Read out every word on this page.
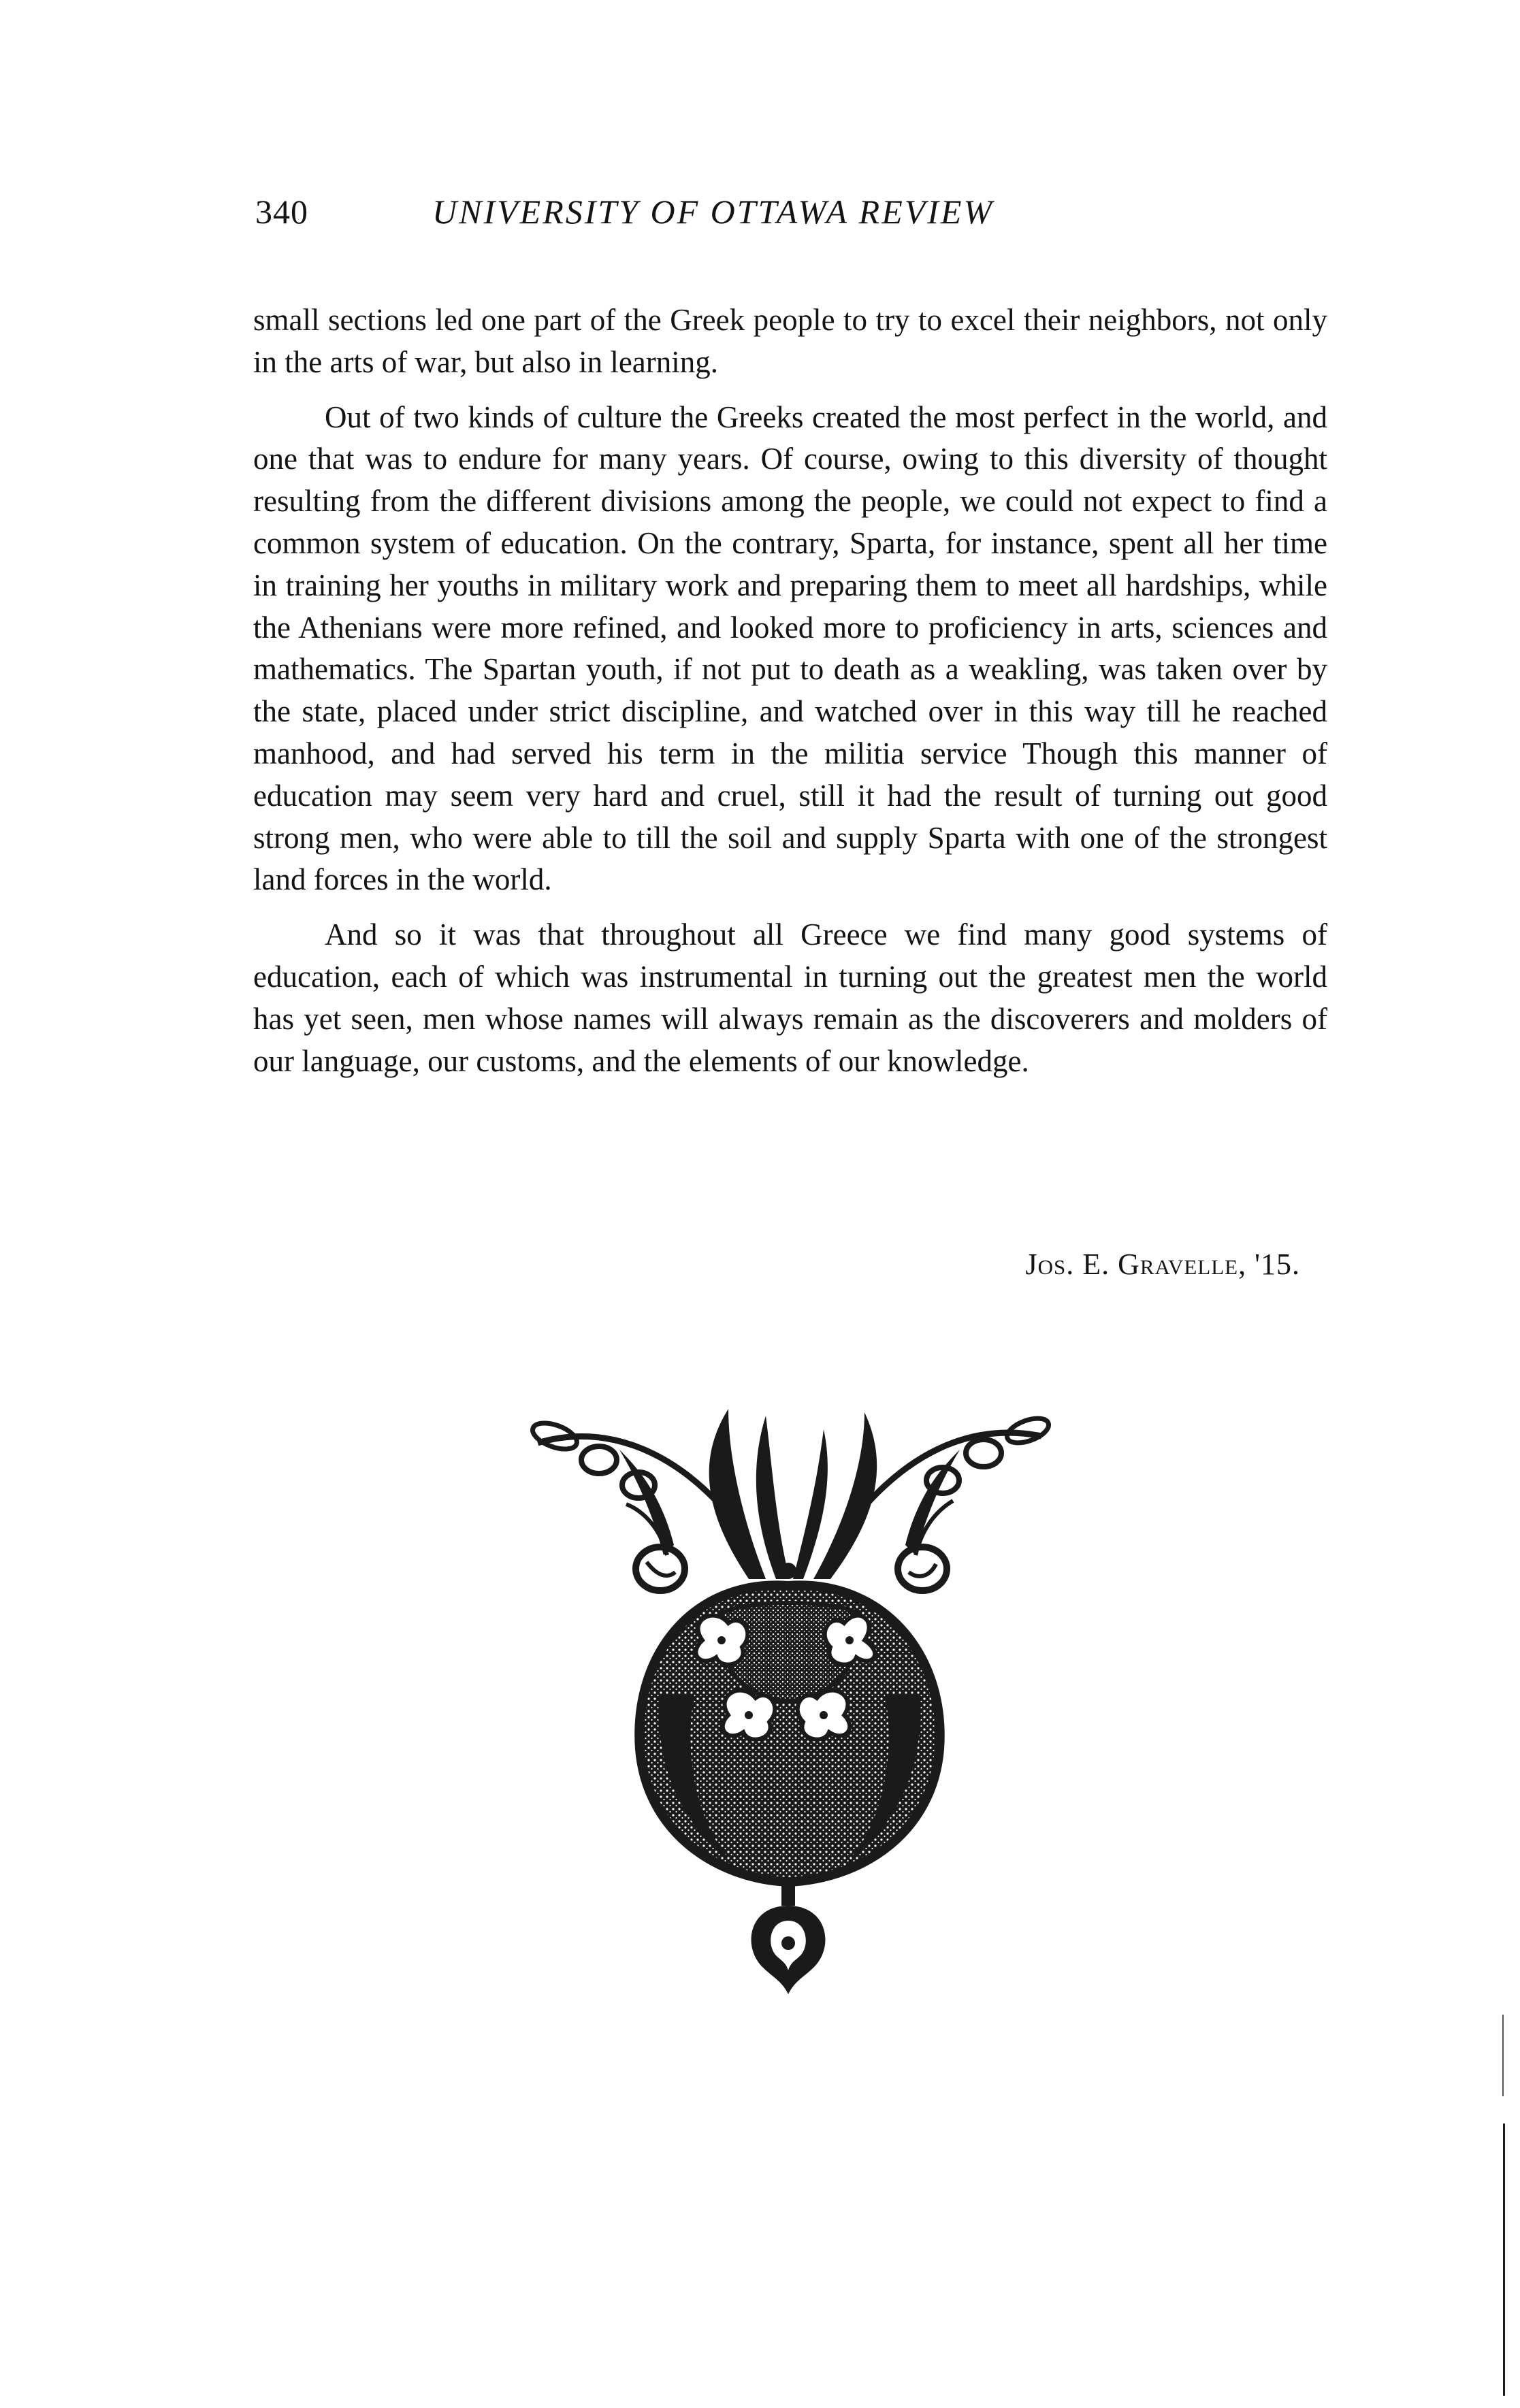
340	UNIVERSITY OF OTTAWA REVIEW

small sections led one part of the Greek people to try to excel their neighbors, not only in the arts of war, but also in learning.

Out of two kinds of culture the Greeks created the most perfect in the world, and one that was to endure for many years. Of course, owing to this diversity of thought resulting from the different divisions among the people, we could not expect to find a common system of education. On the contrary, Sparta, for instance, spent all her time in training her youths in military work and preparing them to meet all hardships, while the Athenians were more refined, and looked more to proficiency in arts, sciences and mathematics. The Spartan youth, if not put to death as a weakling, was taken over by the state, placed under strict discipline, and watched over in this way till he reached manhood, and had served his term in the militia service Though this manner of education may seem very hard and cruel, still it had the result of turning out good strong men, who were able to till the soil and supply Sparta with one of the strongest land forces in the world.

And so it was that throughout all Greece we find many good systems of education, each of which was instrumental in turning out the greatest men the world has yet seen, men whose names will always remain as the discoverers and molders of our language, our customs, and the elements of our knowledge.

Jos. E. Gravelle, '15.
